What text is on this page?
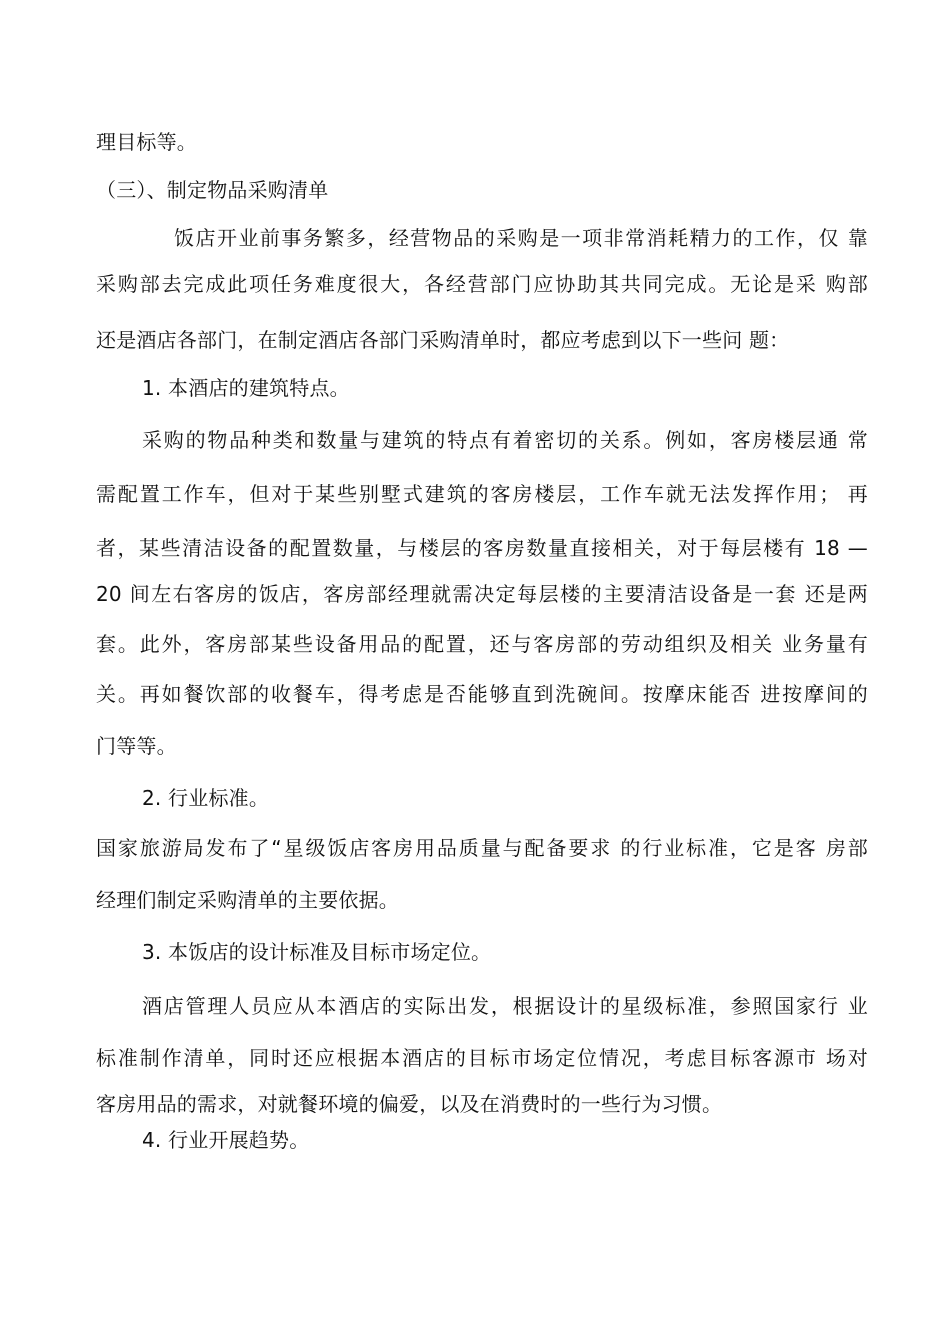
理目标等。
（三）、制定物品采购清单
饭店开业前事务繁多，经营物品的采购是一项非常消耗精力的工作，仅 靠
采购部去完成此项任务难度很大，各经营部门应协助其共同完成。无论是采 购部
还是酒店各部门，在制定酒店各部门采购清单时，都应考虑到以下一些问 题：
1. 本酒店的建筑特点。
采购的物品种类和数量与建筑的特点有着密切的关系。例如，客房楼层通 常
需配置工作车，但对于某些别墅式建筑的客房楼层，工作车就无法发挥作用； 再
者，某些清洁设备的配置数量，与楼层的客房数量直接相关，对于每层楼有 18 —
20 间左右客房的饭店，客房部经理就需决定每层楼的主要清洁设备是一套 还是两
套。此外，客房部某些设备用品的配置，还与客房部的劳动组织及相关 业务量有
关。再如餐饮部的收餐车，得考虑是否能够直到洗碗间。按摩床能否 进按摩间的
门等等。
2. 行业标准。
国家旅游局发布了“星级饭店客房用品质量与配备要求 的行业标准，它是客 房部
经理们制定采购清单的主要依据。
3. 本饭店的设计标准及目标市场定位。
酒店管理人员应从本酒店的实际出发，根据设计的星级标准，参照国家行 业
标准制作清单，同时还应根据本酒店的目标市场定位情况，考虑目标客源市 场对
客房用品的需求，对就餐环境的偏爱，以及在消费时的一些行为习惯。
4. 行业开展趋势。
